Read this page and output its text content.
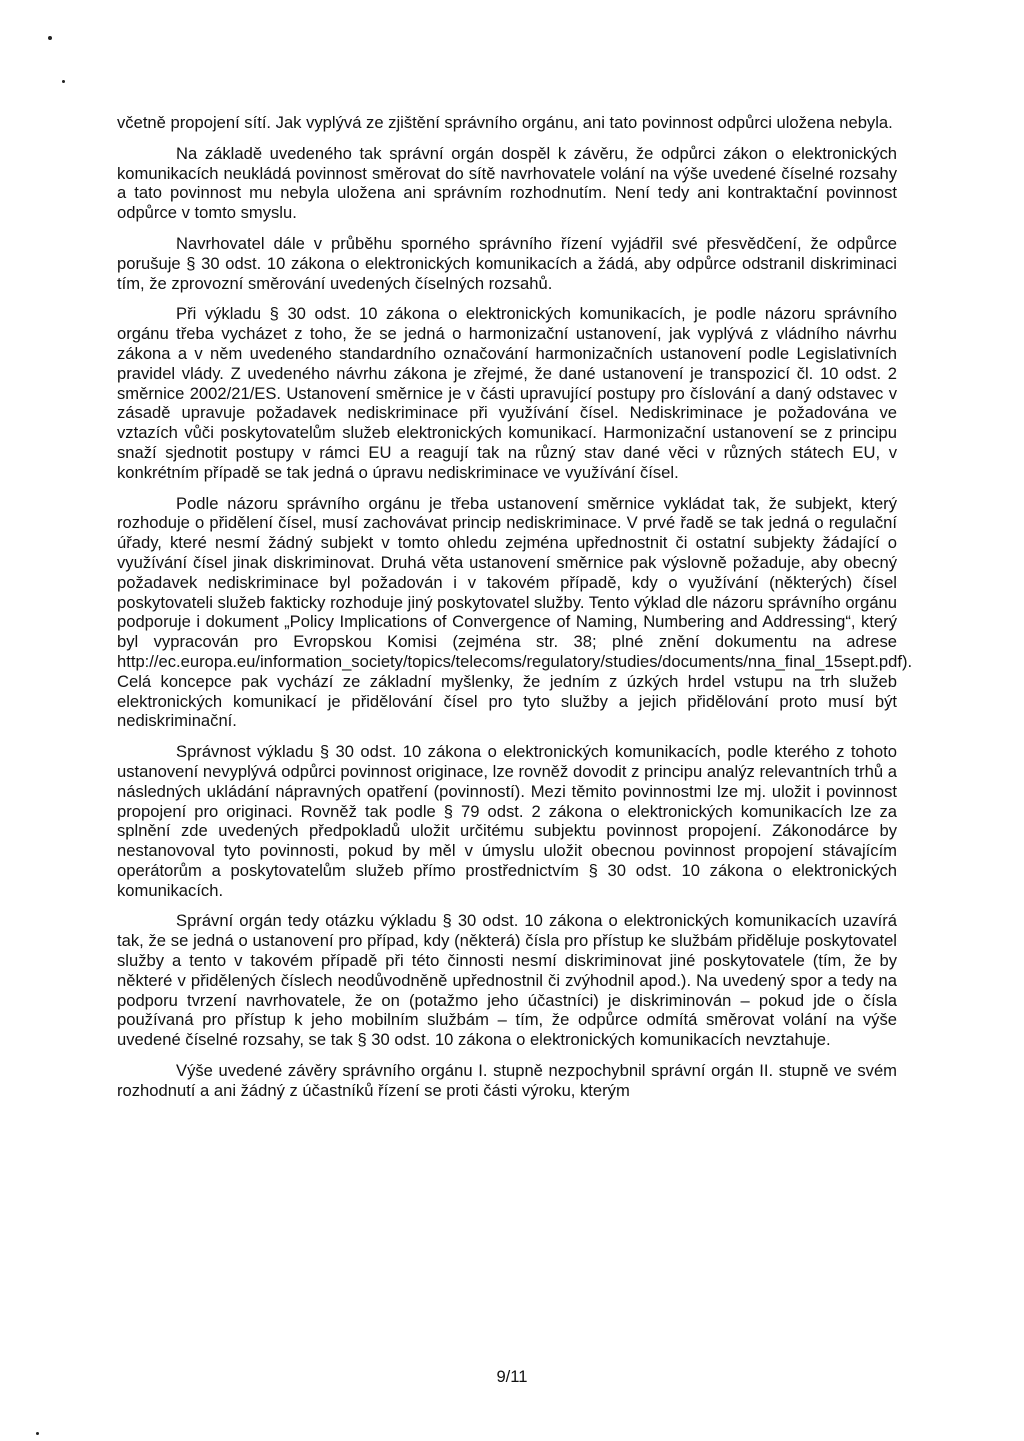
včetně propojení sítí. Jak vyplývá ze zjištění správního orgánu, ani tato povinnost odpůrci uložena nebyla.

Na základě uvedeného tak správní orgán dospěl k závěru, že odpůrci zákon o elektronických komunikacích neukládá povinnost směrovat do sítě navrhovatele volání na výše uvedené číselné rozsahy a tato povinnost mu nebyla uložena ani správním rozhodnutím. Není tedy ani kontraktační povinnost odpůrce v tomto smyslu.

Navrhovatel dále v průběhu sporného správního řízení vyjádřil své přesvědčení, že odpůrce porušuje § 30 odst. 10 zákona o elektronických komunikacích a žádá, aby odpůrce odstranil diskriminaci tím, že zprovozní směrování uvedených číselných rozsahů.

Při výkladu § 30 odst. 10 zákona o elektronických komunikacích, je podle názoru správního orgánu třeba vycházet z toho, že se jedná o harmonizační ustanovení, jak vyplývá z vládního návrhu zákona a v něm uvedeného standardního označování harmonizačních ustanovení podle Legislativních pravidel vlády. Z uvedeného návrhu zákona je zřejmé, že dané ustanovení je transpozicí čl. 10 odst. 2 směrnice 2002/21/ES. Ustanovení směrnice je v části upravující postupy pro číslování a daný odstavec v zásadě upravuje požadavek nediskriminace při využívání čísel. Nediskriminace je požadována ve vztazích vůči poskytovatelům služeb elektronických komunikací. Harmonizační ustanovení se z principu snaží sjednotit postupy v rámci EU a reagují tak na různý stav dané věci v různých státech EU, v konkrétním případě se tak jedná o úpravu nediskriminace ve využívání čísel.

Podle názoru správního orgánu je třeba ustanovení směrnice vykládat tak, že subjekt, který rozhoduje o přidělení čísel, musí zachovávat princip nediskriminace. V prvé řadě se tak jedná o regulační úřady, které nesmí žádný subjekt v tomto ohledu zejména upřednostnit či ostatní subjekty žádající o využívání čísel jinak diskriminovat. Druhá věta ustanovení směrnice pak výslovně požaduje, aby obecný požadavek nediskriminace byl požadován i v takovém případě, kdy o využívání (některých) čísel poskytovateli služeb fakticky rozhoduje jiný poskytovatel služby. Tento výklad dle názoru správního orgánu podporuje i dokument „Policy Implications of Convergence of Naming, Numbering and Addressing“, který byl vypracován pro Evropskou Komisi (zejména str. 38; plné znění dokumentu na adrese http://ec.europa.eu/information_society/topics/telecoms/regulatory/studies/documents/nna_final_15sept.pdf). Celá koncepce pak vychází ze základní myšlenky, že jedním z úzkých hrdel vstupu na trh služeb elektronických komunikací je přidělování čísel pro tyto služby a jejich přidělování proto musí být nediskriminační.

Správnost výkladu § 30 odst. 10 zákona o elektronických komunikacích, podle kterého z tohoto ustanovení nevyplývá odpůrci povinnost originace, lze rovněž dovodit z principu analýz relevantních trhů a následných ukládání nápravných opatření (povinností). Mezi těmito povinnostmi lze mj. uložit i povinnost propojení pro originaci. Rovněž tak podle § 79 odst. 2 zákona o elektronických komunikacích lze za splnění zde uvedených předpokladů uložit určitému subjektu povinnost propojení. Zákonodárce by nestanovoval tyto povinnosti, pokud by měl v úmyslu uložit obecnou povinnost propojení stávajícím operátorům a poskytovatelům služeb přímo prostřednictvím § 30 odst. 10 zákona o elektronických komunikacích.

Správní orgán tedy otázku výkladu § 30 odst. 10 zákona o elektronických komunikacích uzavírá tak, že se jedná o ustanovení pro případ, kdy (některá) čísla pro přístup ke službám přiděluje poskytovatel služby a tento v takovém případě při této činnosti nesmí diskriminovat jiné poskytovatele (tím, že by některé v přidělených číslech neodůvodněně upřednostnil či zvýhodnil apod.). Na uvedený spor a tedy na podporu tvrzení navrhovatele, že on (potažmo jeho účastníci) je diskriminován – pokud jde o čísla používaná pro přístup k jeho mobilním službám – tím, že odpůrce odmítá směrovat volání na výše uvedené číselné rozsahy, se tak § 30 odst. 10 zákona o elektronických komunikacích nevztahuje.

Výše uvedené závěry správního orgánu I. stupně nezpochybnil správní orgán II. stupně ve svém rozhodnutí a ani žádný z účastníků řízení se proti části výroku, kterým

9/11
